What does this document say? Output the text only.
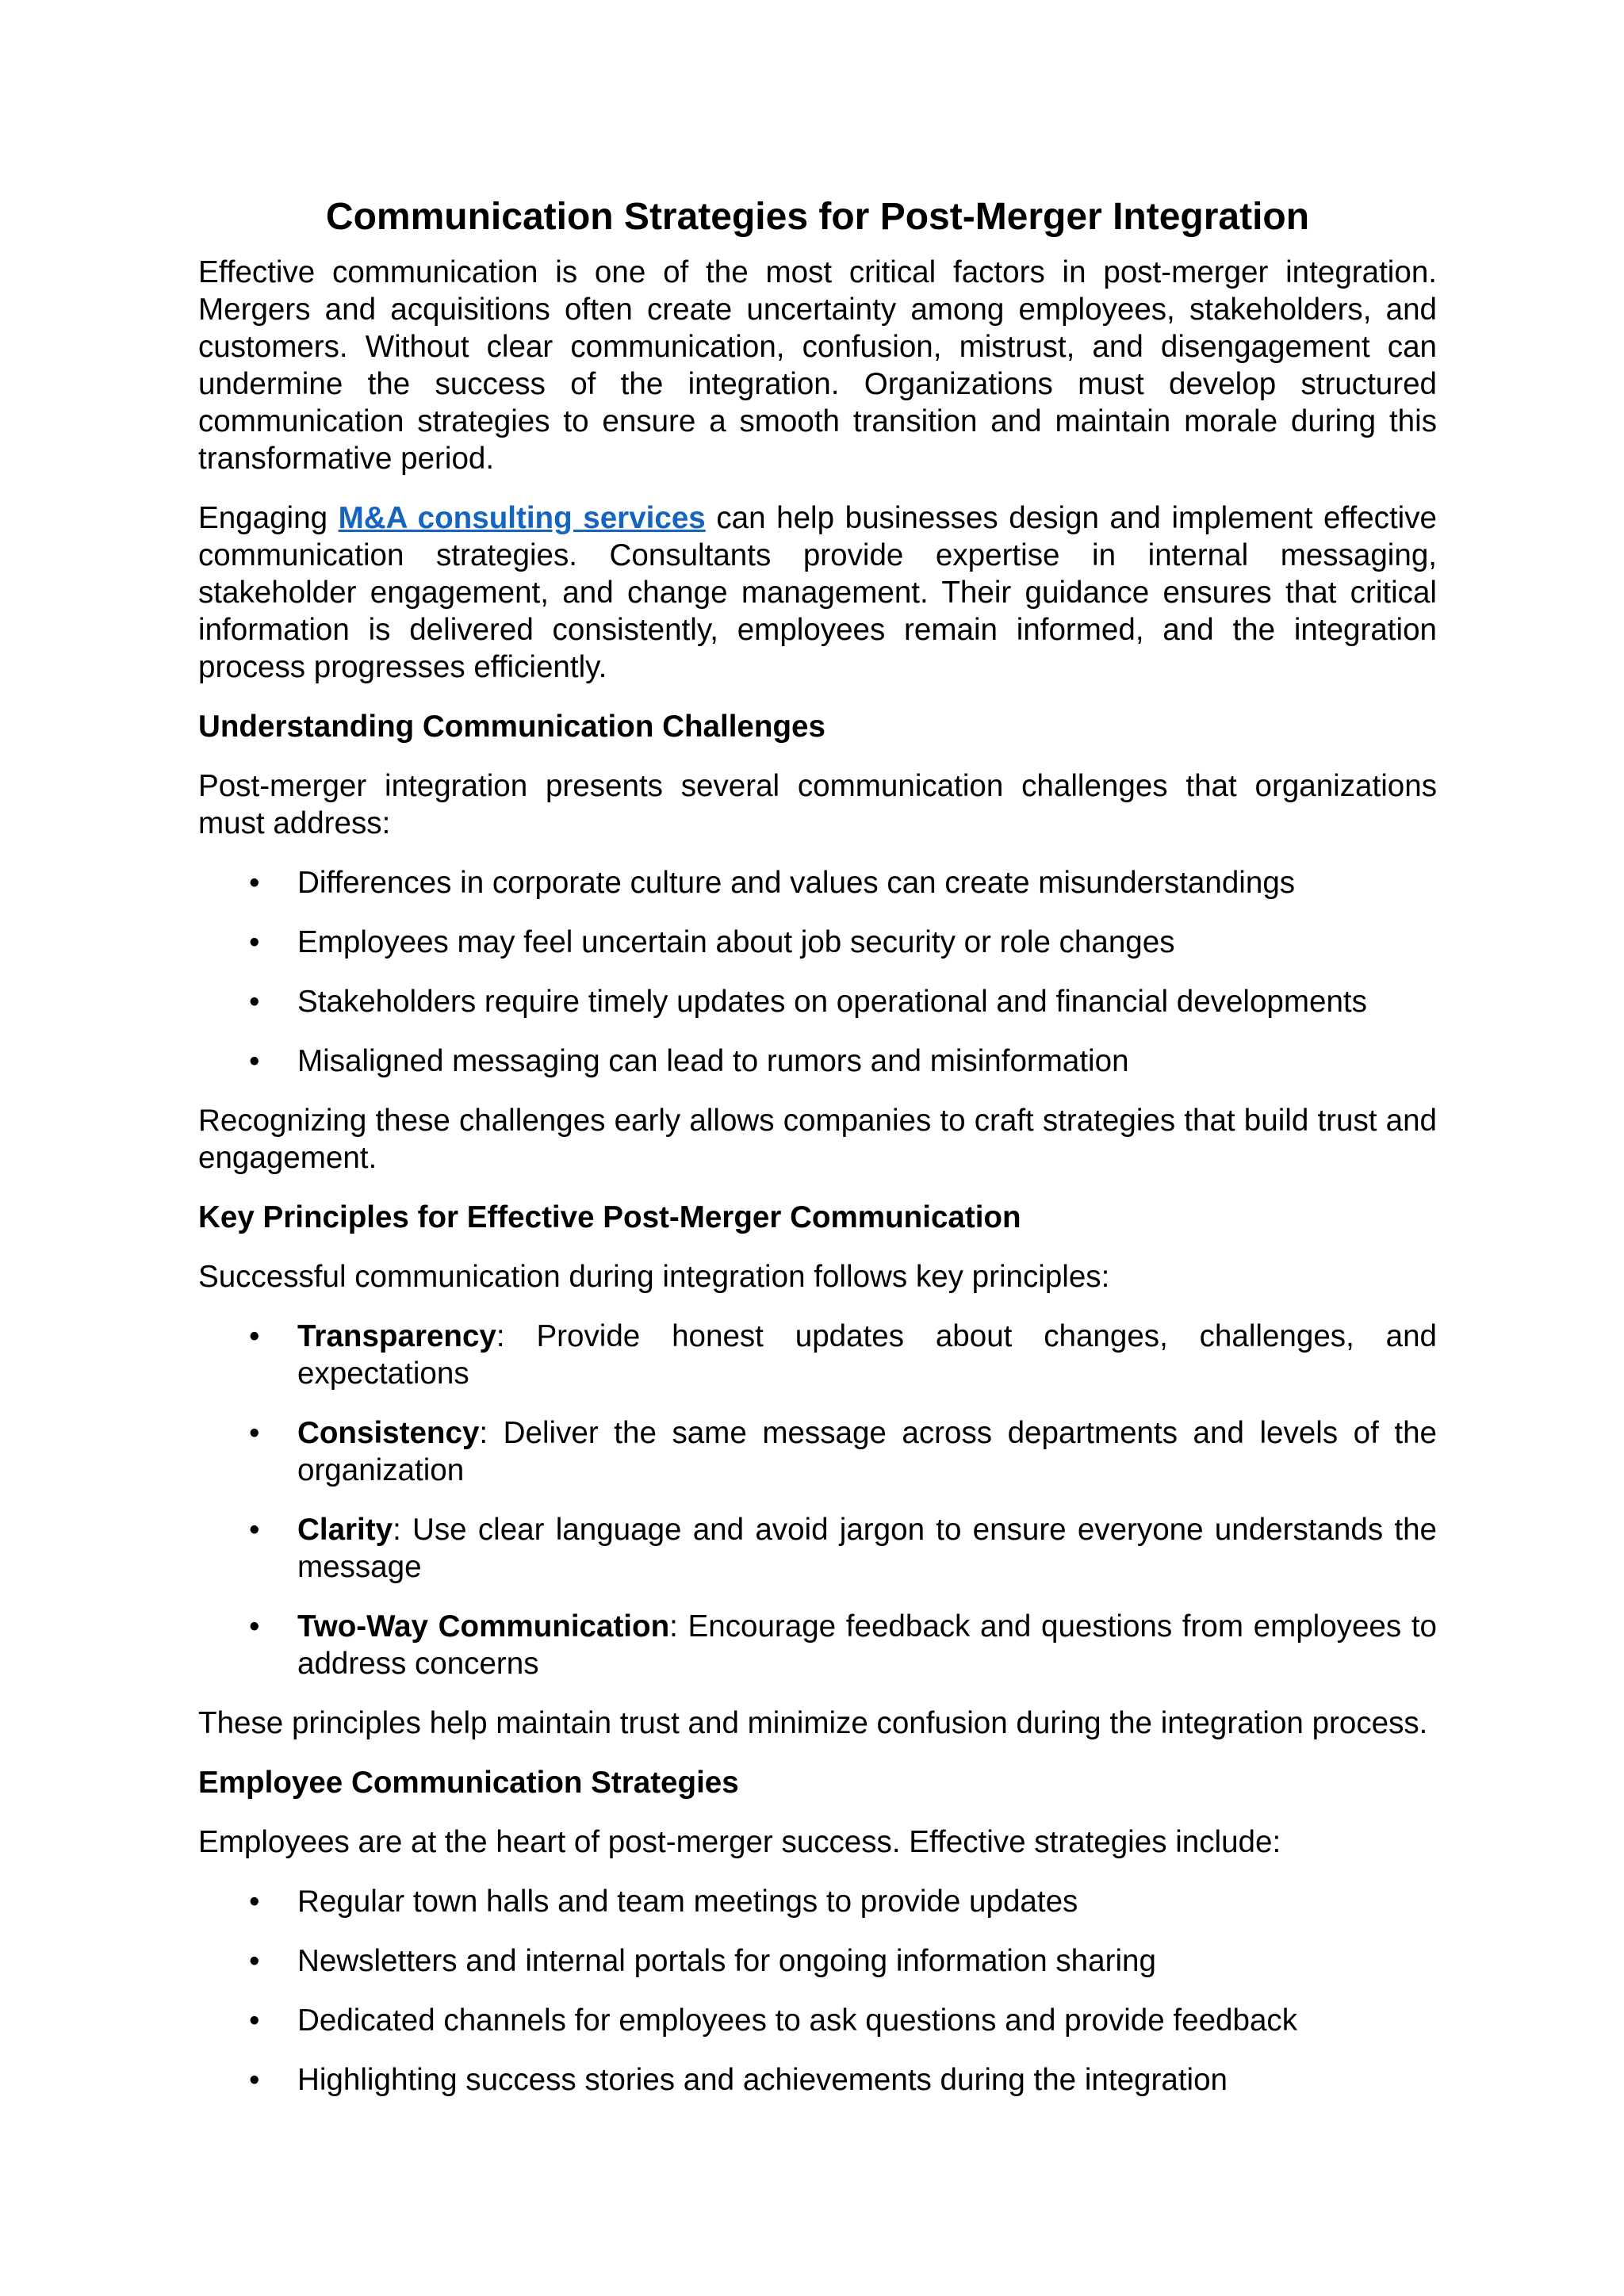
Communication Strategies for Post-Merger Integration

Effective communication is one of the most critical factors in post-merger integration. Mergers and acquisitions often create uncertainty among employees, stakeholders, and customers. Without clear communication, confusion, mistrust, and disengagement can undermine the success of the integration. Organizations must develop structured communication strategies to ensure a smooth transition and maintain morale during this transformative period.

Engaging M&A consulting services can help businesses design and implement effective communication strategies. Consultants provide expertise in internal messaging, stakeholder engagement, and change management. Their guidance ensures that critical information is delivered consistently, employees remain informed, and the integration process progresses efficiently.

Understanding Communication Challenges

Post-merger integration presents several communication challenges that organizations must address:

• Differences in corporate culture and values can create misunderstandings
• Employees may feel uncertain about job security or role changes
• Stakeholders require timely updates on operational and financial developments
• Misaligned messaging can lead to rumors and misinformation

Recognizing these challenges early allows companies to craft strategies that build trust and engagement.

Key Principles for Effective Post-Merger Communication

Successful communication during integration follows key principles:

• Transparency: Provide honest updates about changes, challenges, and expectations
• Consistency: Deliver the same message across departments and levels of the organization
• Clarity: Use clear language and avoid jargon to ensure everyone understands the message
• Two-Way Communication: Encourage feedback and questions from employees to address concerns

These principles help maintain trust and minimize confusion during the integration process.

Employee Communication Strategies

Employees are at the heart of post-merger success. Effective strategies include:

• Regular town halls and team meetings to provide updates
• Newsletters and internal portals for ongoing information sharing
• Dedicated channels for employees to ask questions and provide feedback
• Highlighting success stories and achievements during the integration
